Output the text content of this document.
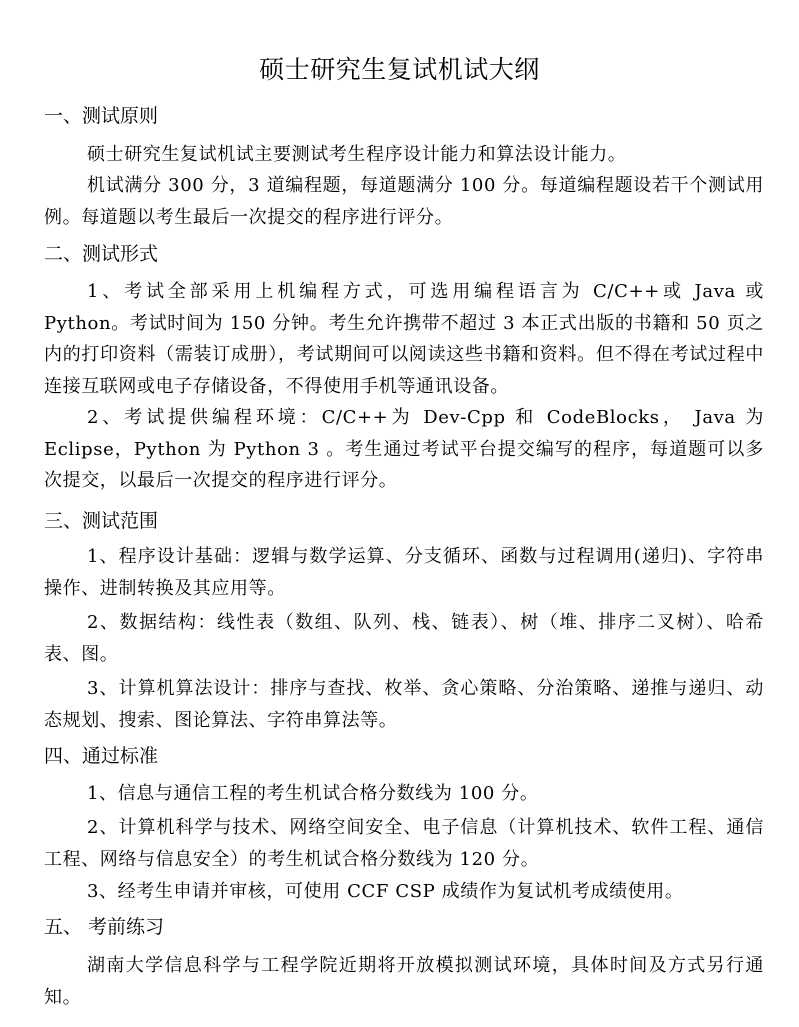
硕士研究生复试机试大纲
一、测试原则
硕士研究生复试机试主要测试考生程序设计能力和算法设计能力。
机试满分 300 分，3 道编程题，每道题满分 100 分。每道编程题设若干个测试用例。每道题以考生最后一次提交的程序进行评分。
二、测试形式
1、考试全部采用上机编程方式，可选用编程语言为 C/C++或 Java 或 Python。考试时间为 150 分钟。考生允许携带不超过 3 本正式出版的书籍和 50 页之内的打印资料（需装订成册），考试期间可以阅读这些书籍和资料。但不得在考试过程中连接互联网或电子存储设备，不得使用手机等通讯设备。
2、考试提供编程环境：C/C++为 Dev-Cpp 和 CodeBlocks， Java 为 Eclipse，Python 为 Python 3 。考生通过考试平台提交编写的程序，每道题可以多次提交，以最后一次提交的程序进行评分。
三、测试范围
1、程序设计基础：逻辑与数学运算、分支循环、函数与过程调用(递归)、字符串操作、进制转换及其应用等。
2、数据结构：线性表（数组、队列、栈、链表）、树（堆、排序二叉树）、哈希表、图。
3、计算机算法设计：排序与查找、枚举、贪心策略、分治策略、递推与递归、动态规划、搜索、图论算法、字符串算法等。
四、通过标准
1、信息与通信工程的考生机试合格分数线为 100 分。
2、计算机科学与技术、网络空间安全、电子信息（计算机技术、软件工程、通信工程、网络与信息安全）的考生机试合格分数线为 120 分。
3、经考生申请并审核，可使用 CCF CSP 成绩作为复试机考成绩使用。
五、 考前练习
湖南大学信息科学与工程学院近期将开放模拟测试环境，具体时间及方式另行通知。
